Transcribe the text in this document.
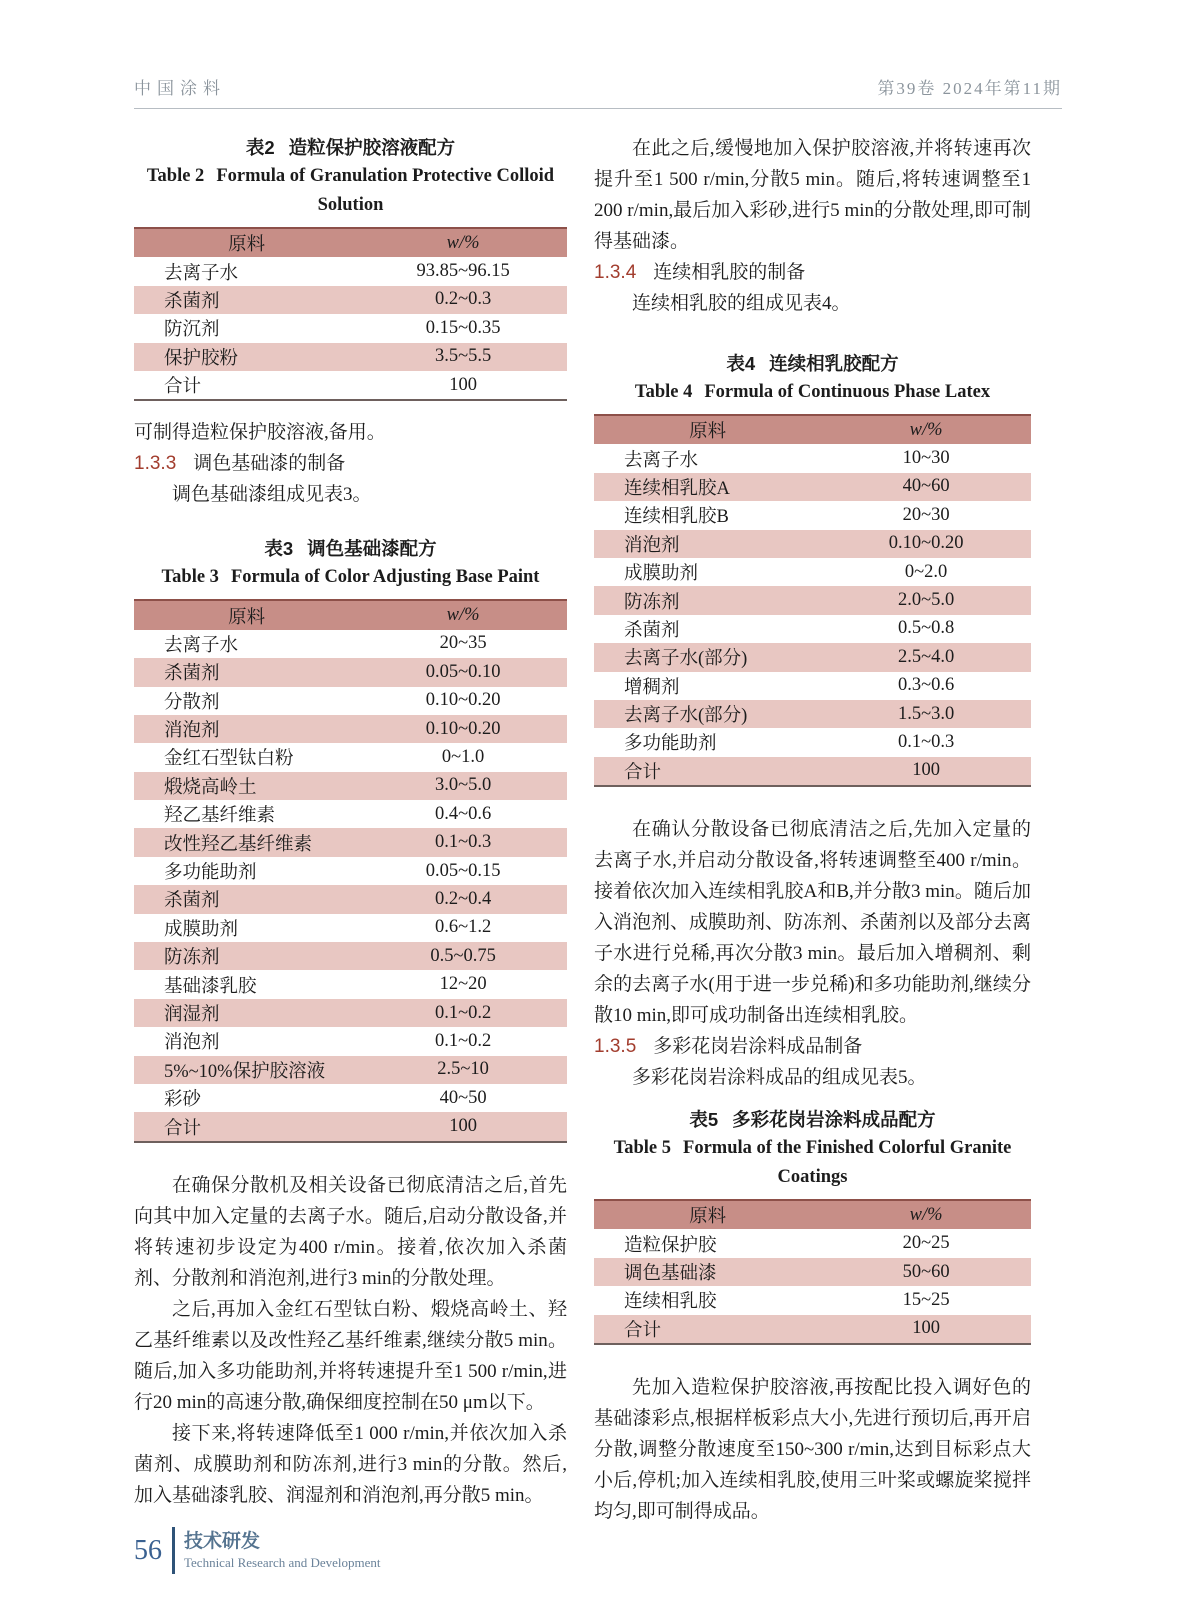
中国涂料	第39卷 2024年第11期
表2 造粒保护胶溶液配方
Table 2 Formula of Granulation Protective Colloid Solution
原料	w/%
去离子水	93.85~96.15
杀菌剂	0.2~0.3
防沉剂	0.15~0.35
保护胶粉	3.5~5.5
合计	100

可制得造粒保护胶溶液,备用。

1.3.3 调色基础漆的制备

调色基础漆组成见表3。

表3 调色基础漆配方
Table 3 Formula of Color Adjusting Base Paint
原料	w/%
去离子水	20~35
杀菌剂	0.05~0.10
分散剂	0.10~0.20
消泡剂	0.10~0.20
金红石型钛白粉	0~1.0
煅烧高岭土	3.0~5.0
羟乙基纤维素	0.4~0.6
改性羟乙基纤维素	0.1~0.3
多功能助剂	0.05~0.15
杀菌剂	0.2~0.4
成膜助剂	0.6~1.2
防冻剂	0.5~0.75
基础漆乳胶	12~20
润湿剂	0.1~0.2
消泡剂	0.1~0.2
5%~10%保护胶溶液	2.5~10
彩砂	40~50
合计	100

在确保分散机及相关设备已彻底清洁之后,首先向其中加入定量的去离子水。随后,启动分散设备,并将转速初步设定为400 r/min。接着,依次加入杀菌剂、分散剂和消泡剂,进行3 min的分散处理。

之后,再加入金红石型钛白粉、煅烧高岭土、羟乙基纤维素以及改性羟乙基纤维素,继续分散5 min。随后,加入多功能助剂,并将转速提升至1 500 r/min,进行20 min的高速分散,确保细度控制在50 μm以下。

接下来,将转速降低至1 000 r/min,并依次加入杀菌剂、成膜助剂和防冻剂,进行3 min的分散。然后,加入基础漆乳胶、润湿剂和消泡剂,再分散5 min。

在此之后,缓慢地加入保护胶溶液,并将转速再次提升至1 500 r/min,分散5 min。随后,将转速调整至1 200 r/min,最后加入彩砂,进行5 min的分散处理,即可制得基础漆。

1.3.4 连续相乳胶的制备

连续相乳胶的组成见表4。

表4 连续相乳胶配方
Table 4 Formula of Continuous Phase Latex
原料	w/%
去离子水	10~30
连续相乳胶A	40~60
连续相乳胶B	20~30
消泡剂	0.10~0.20
成膜助剂	0~2.0
防冻剂	2.0~5.0
杀菌剂	0.5~0.8
去离子水(部分)	2.5~4.0
增稠剂	0.3~0.6
去离子水(部分)	1.5~3.0
多功能助剂	0.1~0.3
合计	100

在确认分散设备已彻底清洁之后,先加入定量的去离子水,并启动分散设备,将转速调整至400 r/min。接着依次加入连续相乳胶A和B,并分散3 min。随后加入消泡剂、成膜助剂、防冻剂、杀菌剂以及部分去离子水进行兑稀,再次分散3 min。最后加入增稠剂、剩余的去离子水(用于进一步兑稀)和多功能助剂,继续分散10 min,即可成功制备出连续相乳胶。

1.3.5 多彩花岗岩涂料成品制备

多彩花岗岩涂料成品的组成见表5。

表5 多彩花岗岩涂料成品配方
Table 5 Formula of the Finished Colorful Granite Coatings
原料	w/%
造粒保护胶	20~25
调色基础漆	50~60
连续相乳胶	15~25
合计	100

先加入造粒保护胶溶液,再按配比投入调好色的基础漆彩点,根据样板彩点大小,先进行预切后,再开启分散,调整分散速度至150~300 r/min,达到目标彩点大小后,停机;加入连续相乳胶,使用三叶桨或螺旋桨搅拌均匀,即可制得成品。

56 技术研发
Technical Research and Development
